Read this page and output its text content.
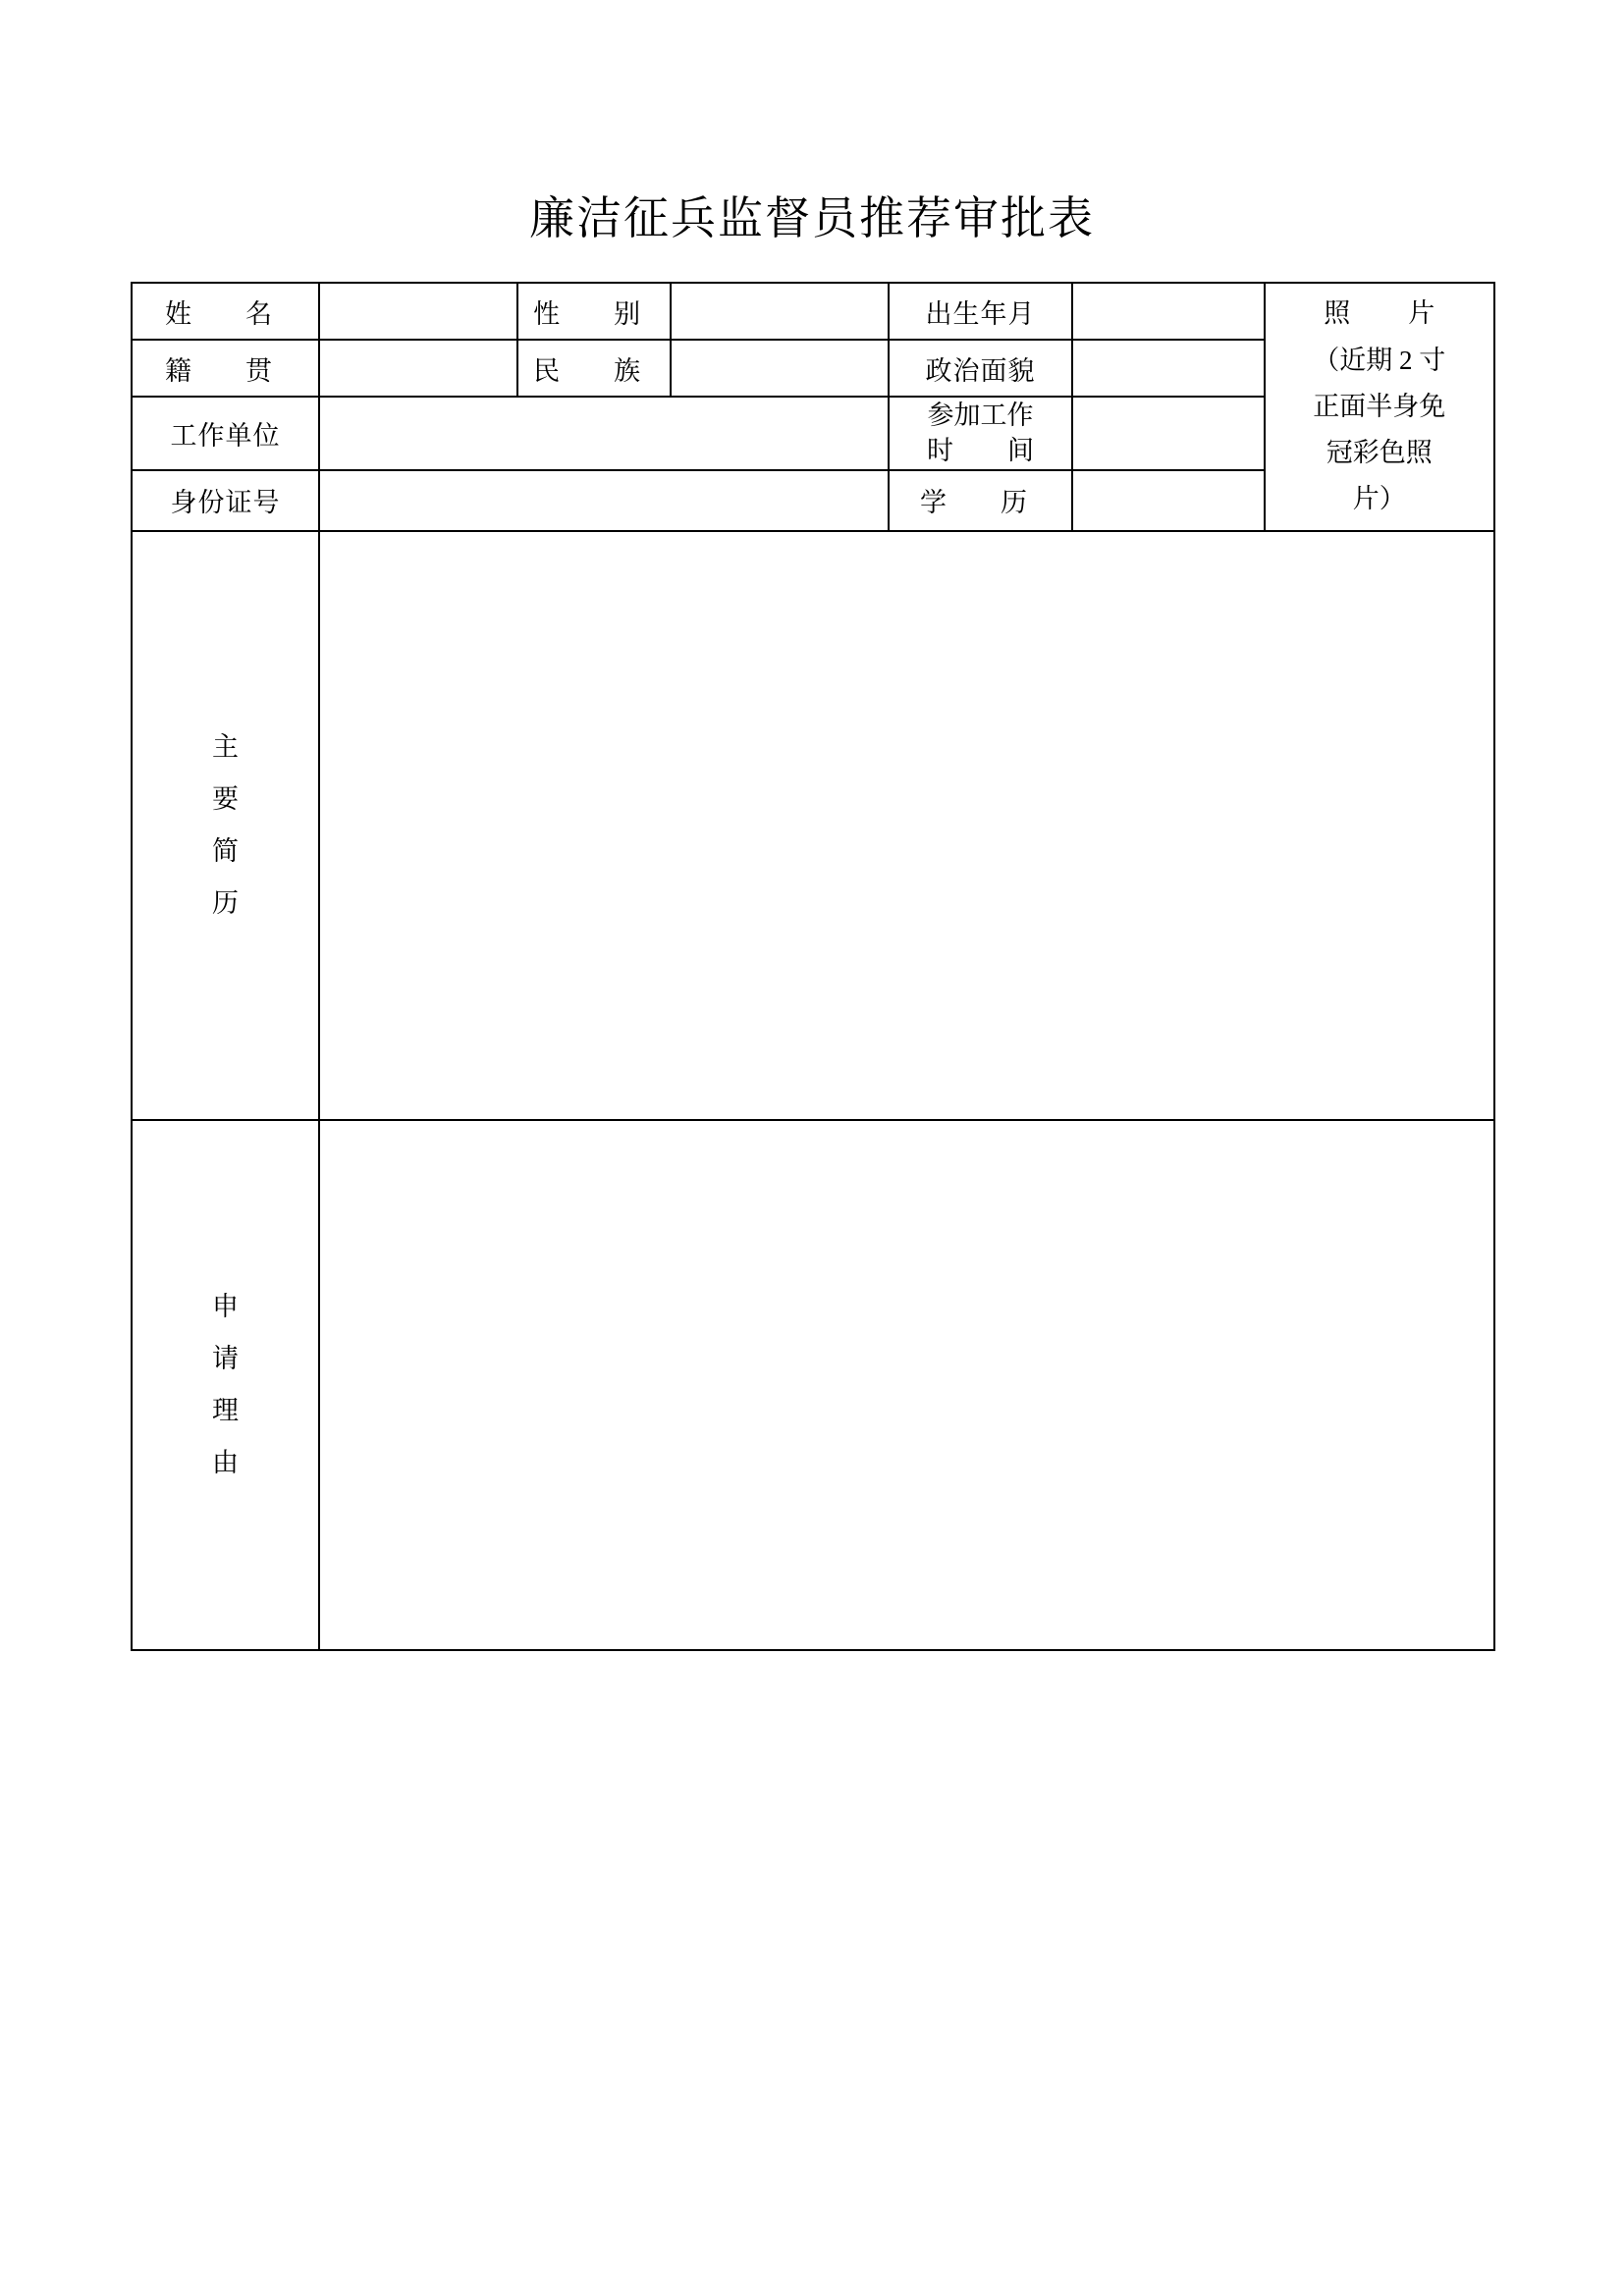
廉洁征兵监督员推荐审批表
姓　名		性　别		出生年月		照　片
（近期 2 寸
正面半身免
冠彩色照
片）
籍　贯		民　族		政治面貌		
工作单位				参加工作
时　间		

身份证号				学　历		

主
要
简
历						

申
请
理
由						
